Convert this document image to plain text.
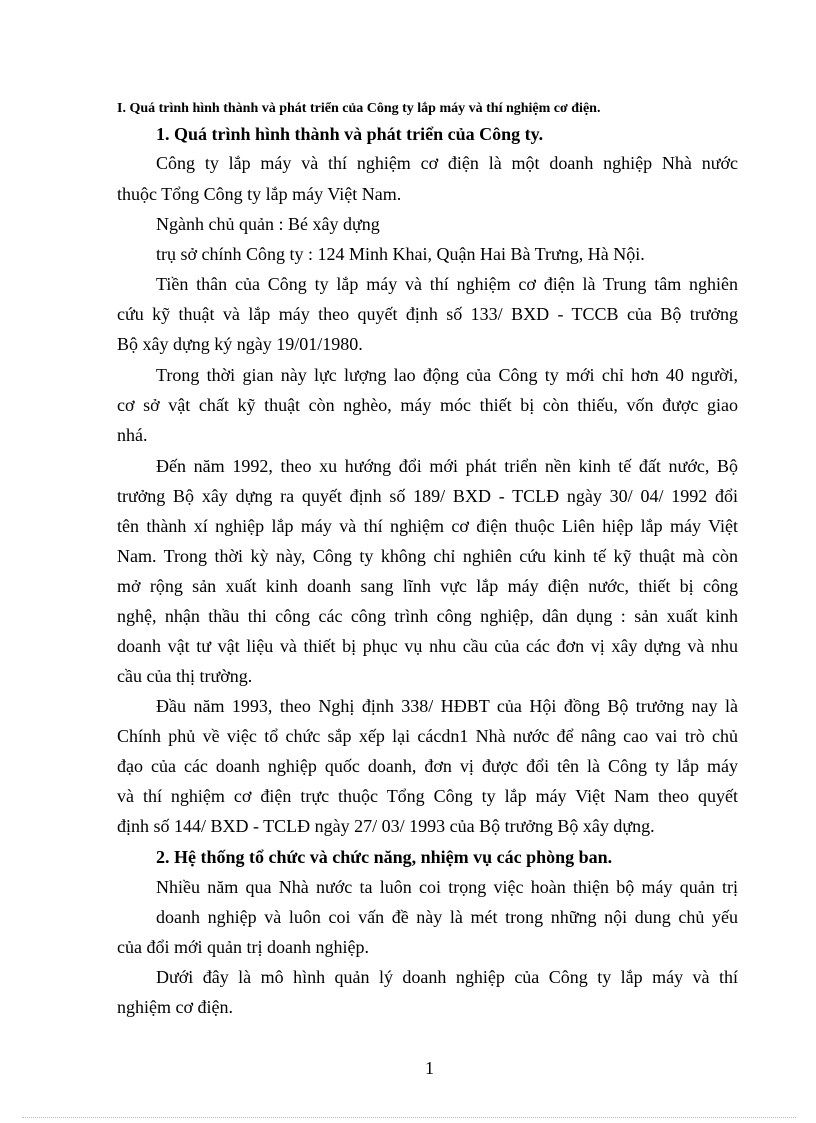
I. Quá trình hình thành và phát triển của Công ty lắp máy và thí nghiệm cơ điện.
1. Quá trình hình thành và phát triển của Công ty.
Công ty lắp máy và thí nghiệm cơ điện là một doanh nghiệp Nhà nước
thuộc Tổng Công ty lắp máy Việt Nam.
Ngành chủ quản : Bé xây dựng
trụ sở chính Công ty : 124 Minh Khai, Quận Hai Bà Trưng, Hà Nội.
Tiền thân của Công ty lắp máy và thí nghiệm cơ điện là Trung tâm nghiên
cứu kỹ thuật và lắp máy theo quyết định số 133/ BXD - TCCB của Bộ trưởng
Bộ xây dựng ký ngày 19/01/1980.
Trong thời gian này lực lượng lao động của Công ty mới chỉ hơn 40 người,
cơ sở vật chất kỹ thuật còn nghèo, máy móc thiết bị còn thiếu, vốn được giao
nhá.
Đến năm 1992, theo xu hướng đổi mới phát triển nền kinh tế đất nước, Bộ
trưởng Bộ xây dựng ra quyết định số 189/ BXD - TCLĐ ngày 30/ 04/ 1992 đổi
tên thành xí nghiệp lắp máy và thí nghiệm cơ điện thuộc Liên hiệp lắp máy Việt
Nam. Trong thời kỳ này, Công ty không chỉ nghiên cứu kinh tế kỹ thuật mà còn
mở rộng sản xuất kinh doanh sang lĩnh vực lắp máy điện nước, thiết bị công
nghệ, nhận thầu thi công các công trình công nghiệp, dân dụng : sản xuất kinh
doanh vật tư vật liệu và thiết bị phục vụ nhu cầu của các đơn vị xây dựng và nhu
cầu của thị trường.
Đầu năm 1993, theo Nghị định 338/ HĐBT của Hội đồng Bộ trưởng nay là
Chính phủ về việc tổ chức sắp xếp lại cácdn1 Nhà nước để nâng cao vai trò chủ
đạo của các doanh nghiệp quốc doanh, đơn vị được đổi tên là Công ty lắp máy
và thí nghiệm cơ điện trực thuộc Tổng Công ty lắp máy Việt Nam theo quyết
định số 144/ BXD - TCLĐ ngày 27/ 03/ 1993 của Bộ trưởng Bộ xây dựng.
2. Hệ thống tổ chức và chức năng, nhiệm vụ các phòng ban.
Nhiều năm qua Nhà nước ta luôn coi trọng việc hoàn thiện bộ máy quản trị
doanh nghiệp và luôn coi vấn đề này là mét trong những nội dung chủ yếu
của đổi mới quản trị doanh nghiệp.
Dưới đây là mô hình quản lý doanh nghiệp của Công ty lắp máy và thí
nghiệm cơ điện.
1
